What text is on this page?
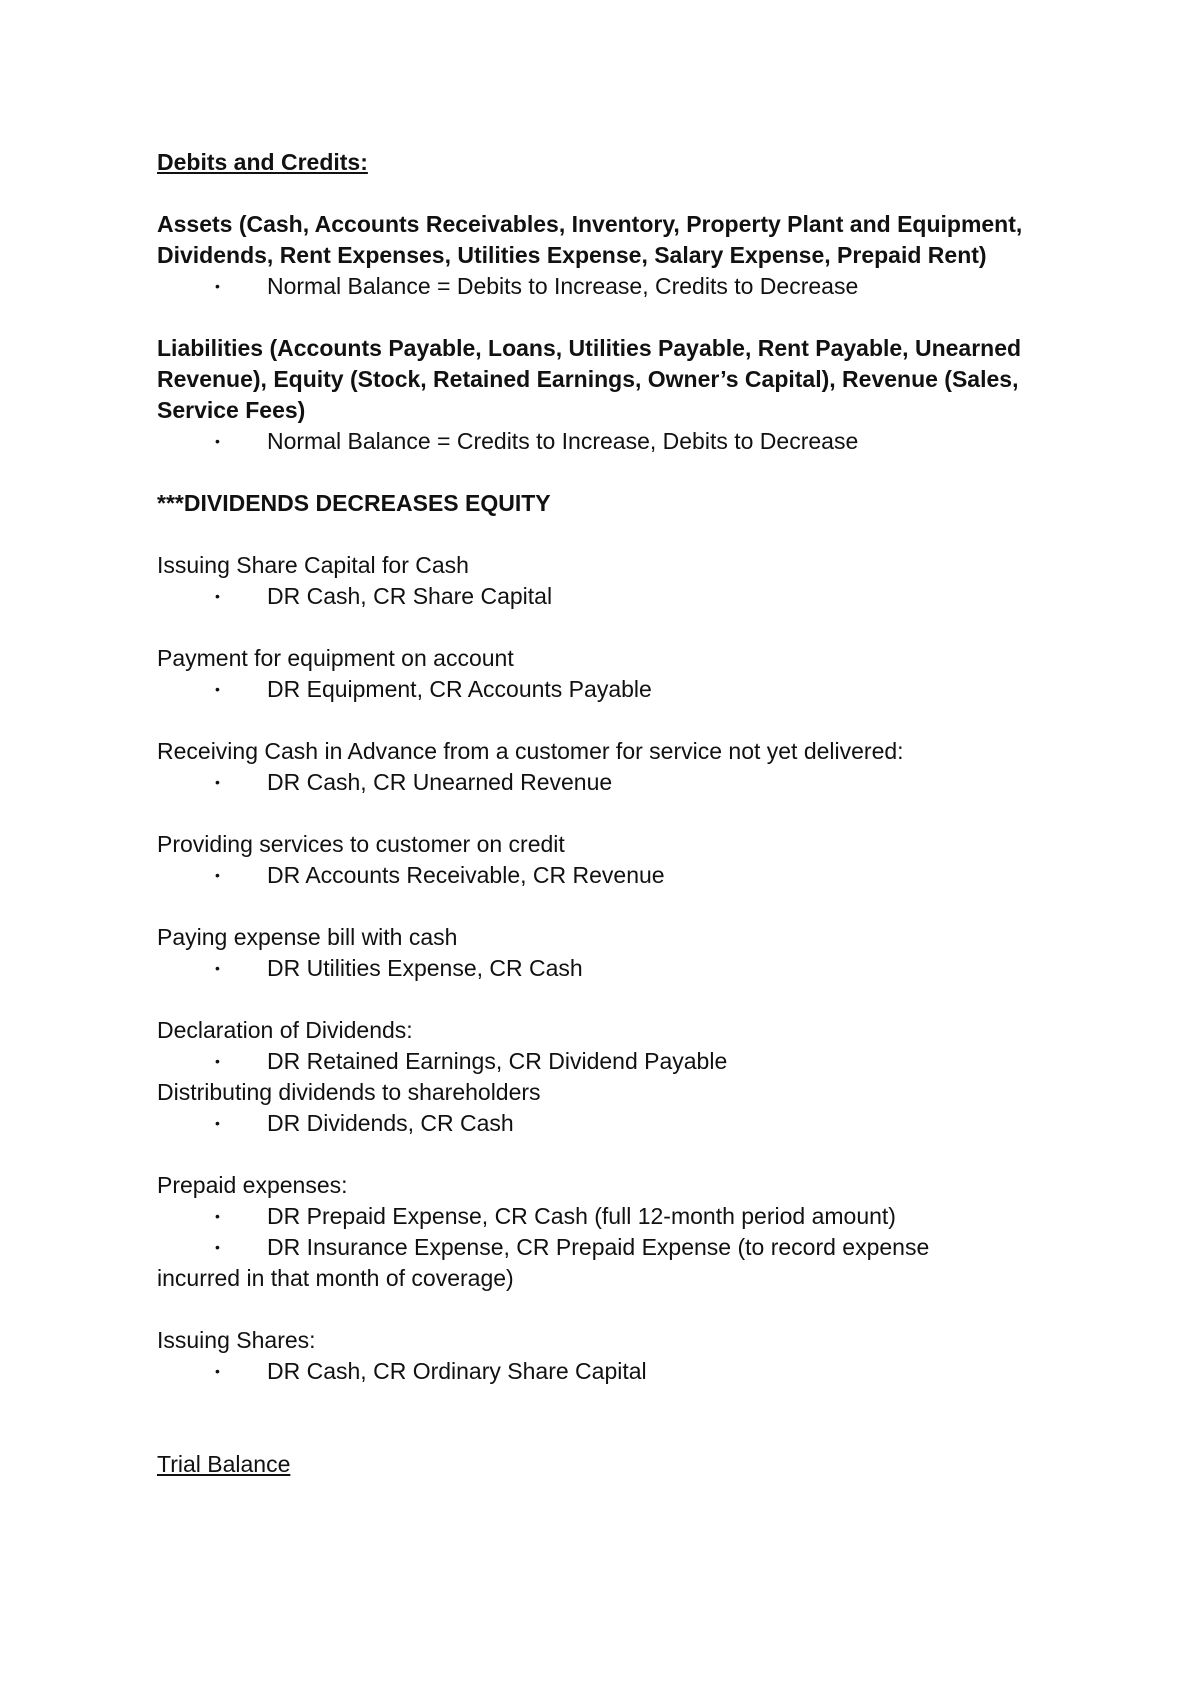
Debits and Credits:

Assets (Cash, Accounts Receivables, Inventory, Property Plant and Equipment, Dividends, Rent Expenses, Utilities Expense, Salary Expense, Prepaid Rent)

• Normal Balance = Debits to Increase, Credits to Decrease

Liabilities (Accounts Payable, Loans, Utilities Payable, Rent Payable, Unearned Revenue), Equity (Stock, Retained Earnings, Owner’s Capital), Revenue (Sales, Service Fees)

• Normal Balance = Credits to Increase, Debits to Decrease

***DIVIDENDS DECREASES EQUITY

Issuing Share Capital for Cash

• DR Cash, CR Share Capital

Payment for equipment on account

• DR Equipment, CR Accounts Payable

Receiving Cash in Advance from a customer for service not yet delivered:

• DR Cash, CR Unearned Revenue

Providing services to customer on credit

• DR Accounts Receivable, CR Revenue

Paying expense bill with cash

• DR Utilities Expense, CR Cash

Declaration of Dividends:

• DR Retained Earnings, CR Dividend Payable

Distributing dividends to shareholders

• DR Dividends, CR Cash

Prepaid expenses:

• DR Prepaid Expense, CR Cash (full 12-month period amount)

• DR Insurance Expense, CR Prepaid Expense (to record expense

incurred in that month of coverage)

Issuing Shares:

• DR Cash, CR Ordinary Share Capital

Trial Balance
